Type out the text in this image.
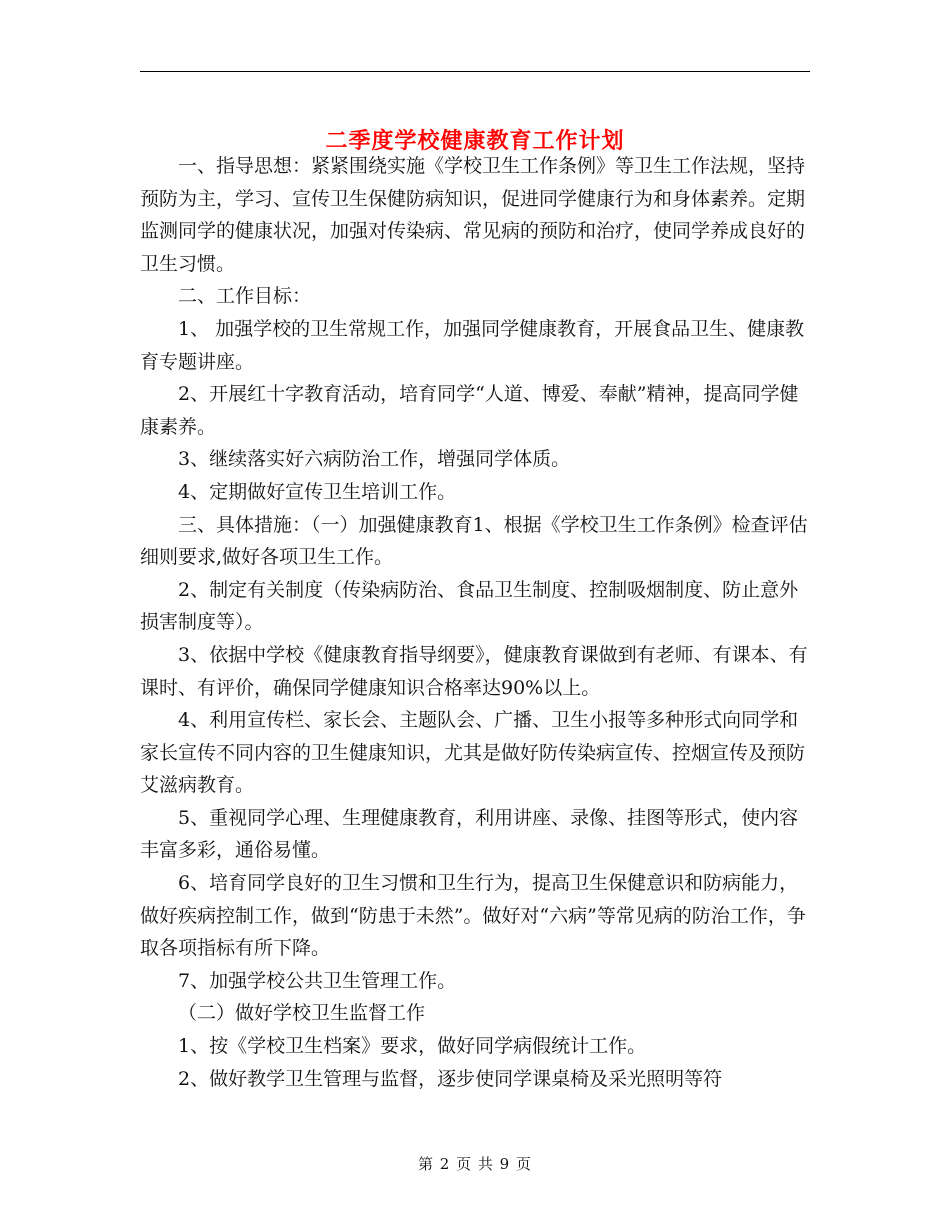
二季度学校健康教育工作计划

一、指导思想：紧紧围绕实施《学校卫生工作条例》等卫生工作法规，坚持预防为主，学习、宣传卫生保健防病知识，促进同学健康行为和身体素养。定期监测同学的健康状况，加强对传染病、常见病的预防和治疗，使同学养成良好的卫生习惯。

二、工作目标：

1、 加强学校的卫生常规工作，加强同学健康教育，开展食品卫生、健康教育专题讲座。

2、开展红十字教育活动，培育同学“人道、博爱、奉献”精神，提高同学健康素养。

3、继续落实好六病防治工作，增强同学体质。

4、定期做好宣传卫生培训工作。

三、具体措施：（一）加强健康教育1、根据《学校卫生工作条例》检查评估细则要求,做好各项卫生工作。

2、制定有关制度（传染病防治、食品卫生制度、控制吸烟制度、防止意外损害制度等）。

3、依据中学校《健康教育指导纲要》，健康教育课做到有老师、有课本、有课时、有评价，确保同学健康知识合格率达90%以上。

4、利用宣传栏、家长会、主题队会、广播、卫生小报等多种形式向同学和家长宣传不同内容的卫生健康知识，尤其是做好防传染病宣传、控烟宣传及预防艾滋病教育。

5、重视同学心理、生理健康教育，利用讲座、录像、挂图等形式，使内容丰富多彩，通俗易懂。

6、培育同学良好的卫生习惯和卫生行为，提高卫生保健意识和防病能力，做好疾病控制工作，做到“防患于未然”。做好对“六病”等常见病的防治工作，争取各项指标有所下降。

7、加强学校公共卫生管理工作。

（二）做好学校卫生监督工作

1、按《学校卫生档案》要求，做好同学病假统计工作。

2、做好教学卫生管理与监督，逐步使同学课桌椅及采光照明等符

第 2 页 共 9 页
